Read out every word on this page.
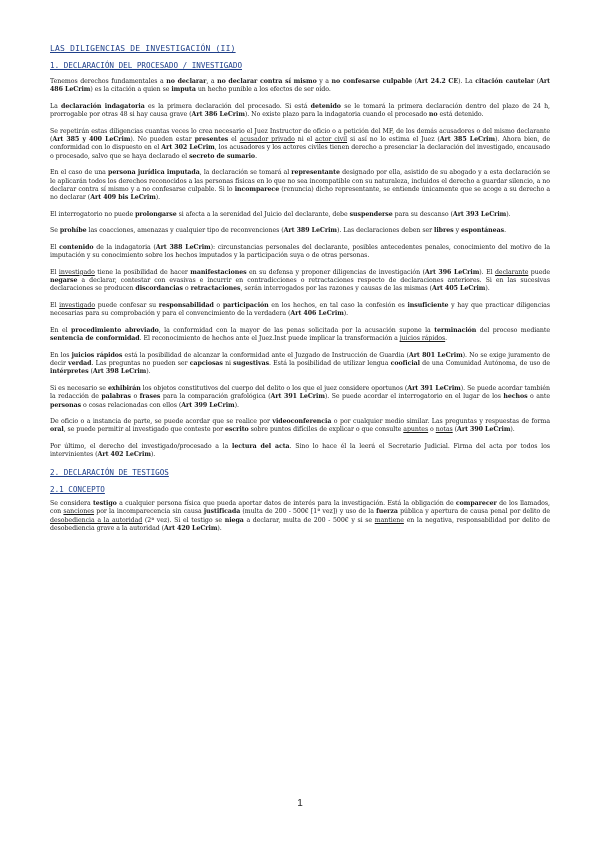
LAS DILIGENCIAS DE INVESTIGACIÓN (II)
1. DECLARACIÓN DEL PROCESADO / INVESTIGADO

Tenemos derechos fundamentales a no declarar, a no declarar contra sí mismo y a no confesarse culpable (Art 24.2 CE). La citación cautelar (Art 486 LeCrim) es la citación a quien se imputa un hecho punible a los efectos de ser oído.

La declaración indagatoria es la primera declaración del procesado. Si está detenido se le tomará la primera declaración dentro del plazo de 24 h, prorrogable por otras 48 si hay causa grave (Art 386 LeCrim). No existe plazo para la indagatoria cuando el procesado no está detenido.

Se repetirán estas diligencias cuantas veces lo crea necesario el Juez Instructor de oficio o a petición del MF, de los demás acusadores o del mismo declarante (Art 385 y 400 LeCrim). No pueden estar presentes el acusador privado ni el actor civil si así no lo estima el Juez (Art 385 LeCrim). Ahora bien, de conformidad con lo dispuesto en el Art 302 LeCrim, los acusadores y los actores civiles tienen derecho a presenciar la declaración del investigado, encausado o procesado, salvo que se haya declarado el secreto de sumario.

En el caso de una persona jurídica imputada, la declaración se tomará al representante designado por ella, asistido de su abogado y a esta declaración se le aplicarán todos los derechos reconocidos a las personas físicas en lo que no sea incompatible con su naturaleza, incluidos el derecho a guardar silencio, a no declarar contra sí mismo y a no confesarse culpable. Si lo incomparece (renuncia) dicho representante, se entiende únicamente que se acoge a su derecho a no declarar (Art 409 bis LeCrim).

El interrogatorio no puede prolongarse si afecta a la serenidad del Juicio del declarante, debe suspenderse para su descanso (Art 393 LeCrim).

Se prohíbe las coacciones, amenazas y cualquier tipo de reconvenciones (Art 389 LeCrim). Las declaraciones deben ser libres y espontáneas.

El contenido de la indagatoria (Art 388 LeCrim): circunstancias personales del declarante, posibles antecedentes penales, conocimiento del motivo de la imputación y su conocimiento sobre los hechos imputados y la participación suya o de otras personas.

El investigado tiene la posibilidad de hacer manifestaciones en su defensa y proponer diligencias de investigación (Art 396 LeCrim). El declarante puede negarse a declarar, contestar con evasivas e incurrir en contradicciones o retractaciones respecto de declaraciones anteriores. Si en las sucesivas declaraciones se producen discordancias o retractaciones, serán interrogados por las razones y causas de las mismas (Art 405 LeCrim).

El investigado puede confesar su responsabilidad o participación en los hechos, en tal caso la confesión es insuficiente y hay que practicar diligencias necesarias para su comprobación y para el convencimiento de la verdadera (Art 406 LeCrim).

En el procedimiento abreviado, la conformidad con la mayor de las penas solicitada por la acusación supone la terminación del proceso mediante sentencia de conformidad. El reconocimiento de hechos ante el Juez.Inst puede implicar la transformación a juicios rápidos.

En los juicios rápidos está la posibilidad de alcanzar la conformidad ante el Juzgado de Instrucción de Guardia (Art 801 LeCrim). No se exige juramento de decir verdad. Las preguntas no pueden ser capciosas ni sugestivas. Está la posibilidad de utilizar lengua cooficial de una Comunidad Autónoma, de uso de intérpretes (Art 398 LeCrim).

Si es necesario se exhibirán los objetos constitutivos del cuerpo del delito o los que el juez considere oportunos (Art 391 LeCrim). Se puede acordar también la redacción de palabras o frases para la comparación grafológica (Art 391 LeCrim). Se puede acordar el interrogatorio en el lugar de los hechos o ante personas o cosas relacionadas con ellos (Art 399 LeCrim).

De oficio o a instancia de parte, se puede acordar que se realice por videoconferencia o por cualquier medio similar. Las preguntas y respuestas de forma oral, se puede permitir al investigado que conteste por escrito sobre puntos difíciles de explicar o que consulte apuntes o notas (Art 390 LeCrim).

Por último, el derecho del investigado/procesado a la lectura del acta. Sino lo hace él la leerá el Secretario Judicial. Firma del acta por todos los intervinientes (Art 402 LeCrim).

2. DECLARACIÓN DE TESTIGOS
2.1 CONCEPTO

Se considera testigo a cualquier persona física que pueda aportar datos de interés para la investigación. Está la obligación de comparecer de los llamados, con sanciones por la incomparecencia sin causa justificada (multa de 200 - 500€ [1ª vez]) y uso de la fuerza pública y apertura de causa penal por delito de desobediencia a la autoridad (2ª vez). Si el testigo se niega a declarar, multa de 200 - 500€ y si se mantiene en la negativa, responsabilidad por delito de desobediencia grave a la autoridad (Art 420 LeCrim).

1
